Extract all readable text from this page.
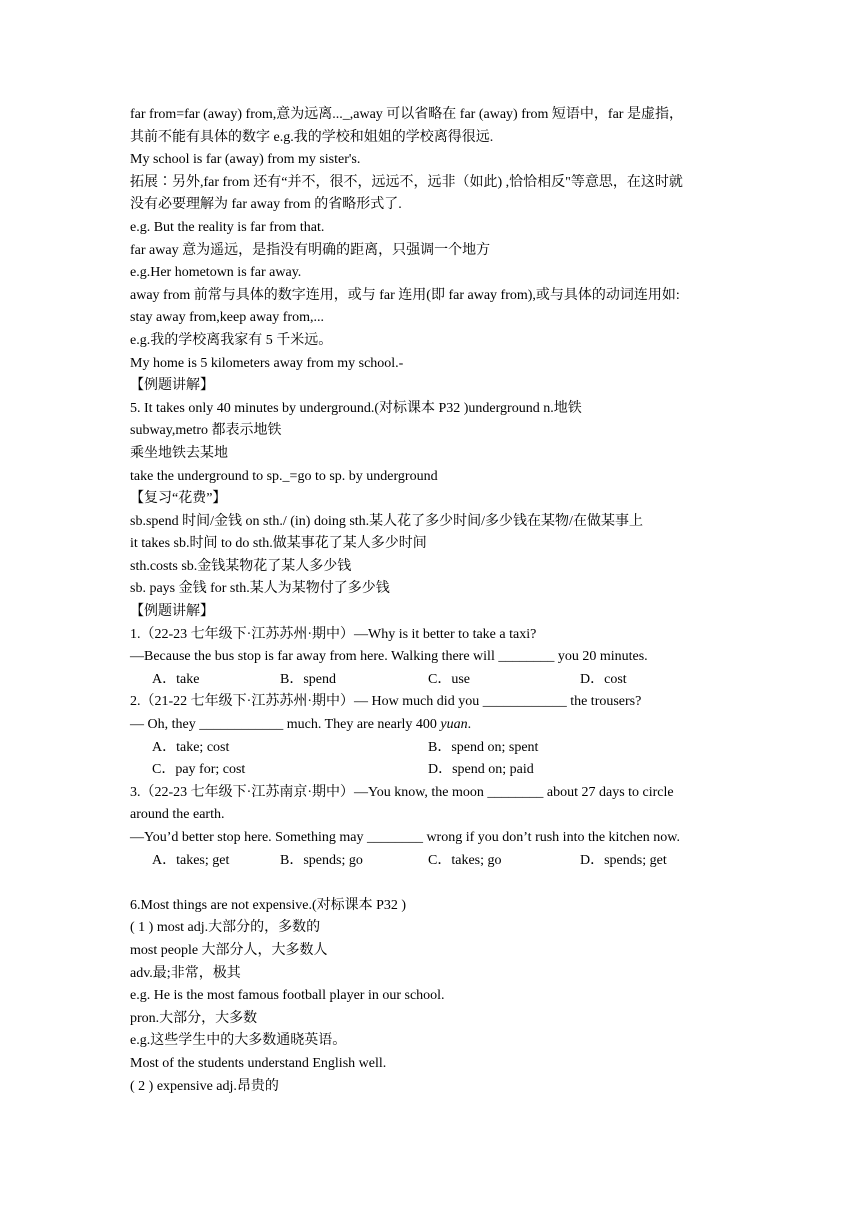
far from=far (away) from,意为远离..._,away 可以省略在 far (away) from 短语中，far 是虚指，
其前不能有具体的数字 e.g.我的学校和姐姐的学校离得很远.
My school is far (away) from my sister's.
拓展∶另外,far from 还有“并不，很不，远远不，远非（如此) ,恰恰相反"等意思，在这时就
没有必要理解为 far away from 的省略形式了.
e.g. But the reality is far from that.
far away 意为遥远，是指没有明确的距离，只强调一个地方
e.g.Her hometown is far away.
away from 前常与具体的数字连用，或与 far 连用(即 far away from),或与具体的动词连用如:
stay away from,keep away from,...
e.g.我的学校离我家有 5 千米远。
My home is 5 kilometers away from my school.-
【例题讲解】
5. It takes only 40 minutes by underground.(对标课本 P32 )underground n.地铁
subway,metro 都表示地铁
乘坐地铁去某地
take the underground to sp._=go to sp. by underground
【复习“花费”】
sb.spend 时间/金钱 on sth./ (in) doing sth.某人花了多少时间/多少钱在某物/在做某事上
it takes sb.时间 to do sth.做某事花了某人多少时间
sth.costs sb.金钱某物花了某人多少钱
sb. pays 金钱 for sth.某人为某物付了多少钱
【例题讲解】
1.（22-23 七年级下·江苏苏州·期中）—Why is it better to take a taxi?
—Because the bus stop is far away from here. Walking there will ________ you 20 minutes.
A．take	B．spend	C．use	D．cost
2.（21-22 七年级下·江苏苏州·期中）— How much did you ____________ the trousers?
— Oh, they ____________ much. They are nearly 400 yuan.
A．take; cost	B．spend on; spent
C．pay for; cost	D．spend on; paid
3.（22-23 七年级下·江苏南京·期中）—You know, the moon ________ about 27 days to circle
around the earth.
—You’d better stop here. Something may ________ wrong if you don’t rush into the kitchen now.
A．takes; get	B．spends; go	C．takes; go	D．spends; get
6.Most things are not expensive.(对标课本 P32 )
( 1 ) most adj.大部分的，多数的
most people 大部分人，大多数人
adv.最;非常，极其
e.g. He is the most famous football player in our school.
pron.大部分，大多数
e.g.这些学生中的大多数通晓英语。
Most of the students understand English well.
( 2 ) expensive adj.昂贵的
